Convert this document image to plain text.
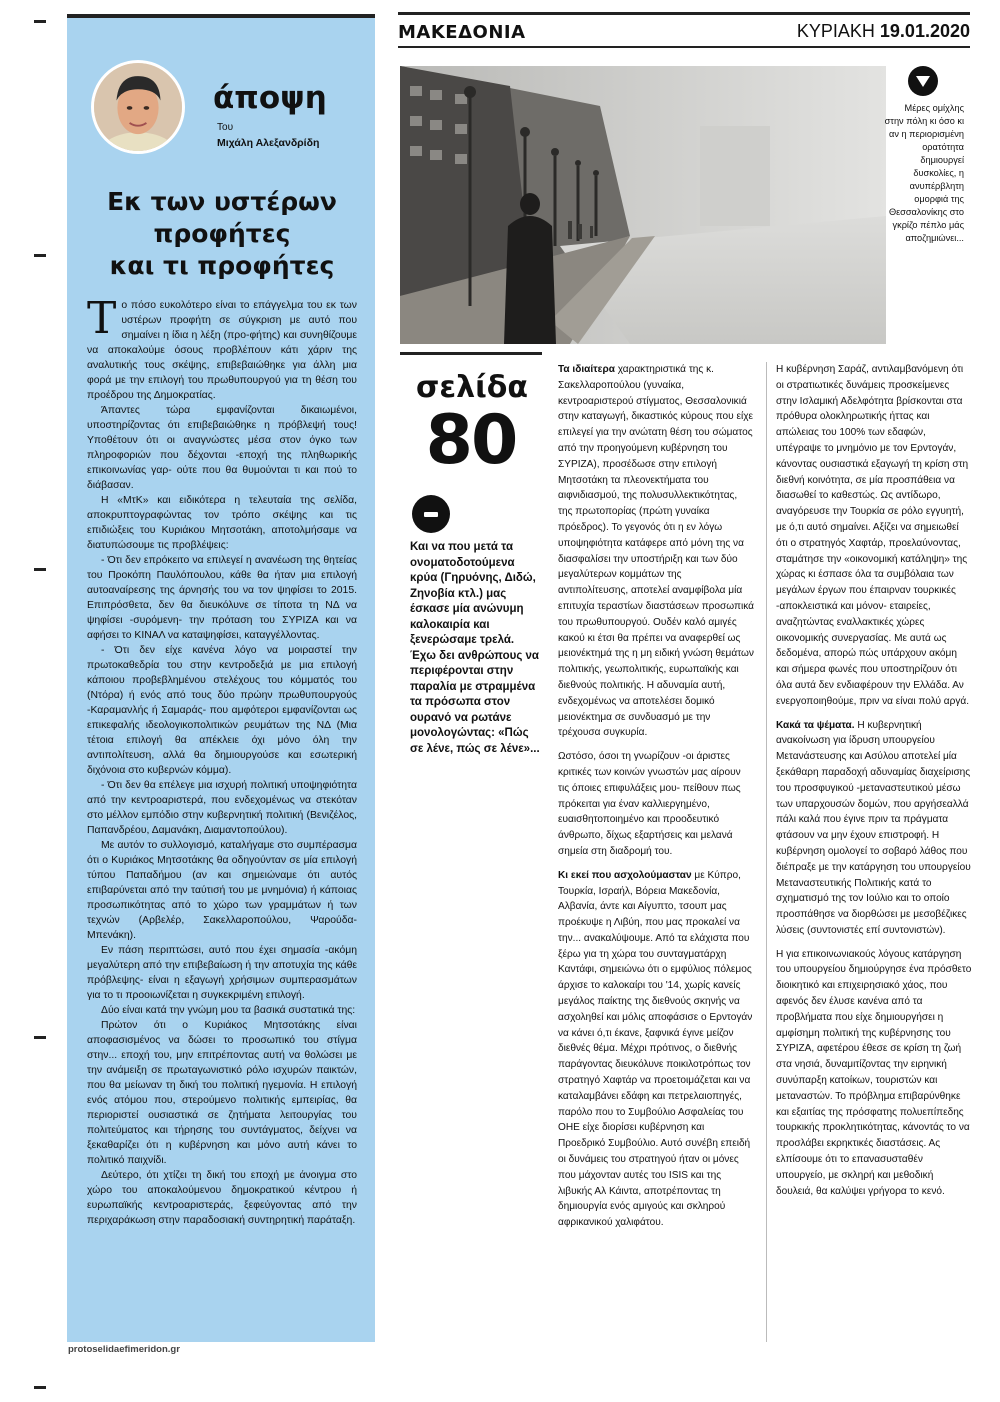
άποψη
Του
Μιχάλη Αλεξανδρίδη
Εκ των υστέρων
προφήτες
και τι προφήτες

Το πόσο ευκολότερο είναι το επάγγελμα του εκ των υστέρων προφήτη σε σύγκριση με αυτό που σημαίνει η ίδια η λέξη (προ-φήτης) και συνηθίζουμε να αποκαλούμε όσους προβλέπουν κάτι χάριν της αναλυτικής τους σκέψης, επιβεβαιώθηκε για άλλη μια φορά με την επιλογή του πρωθυπουργού για τη θέση του προέδρου της Δημοκρατίας.

Άπαντες τώρα εμφανίζονται δικαιωμένοι, υποστηρίζοντας ότι επιβεβαιώθηκε η πρόβλεψή τους! Υποθέτουν ότι οι αναγνώστες μέσα στον όγκο των πληροφοριών που δέχονται -εποχή της πληθωρικής επικοινωνίας γαρ- ούτε που θα θυμούνται τι και πού το διάβασαν.

Η «ΜτΚ» και ειδικότερα η τελευταία της σελίδα, αποκρυπτογραφώντας τον τρόπο σκέψης και τις επιδιώξεις του Κυριάκου Μητσοτάκη, αποτολμήσαμε να διατυπώσουμε τις προβλέψεις:

- Ότι δεν επρόκειτο να επιλεγεί η ανανέωση της θητείας του Προκόπη Παυλόπουλου, κάθε θα ήταν μια επιλογή αυτοαναίρεσης της άρνησής του να τον ψηφίσει το 2015. Επιπρόσθετα, δεν θα διευκόλυνε σε τίποτα τη ΝΔ να ψηφίσει -συρόμενη- την πρόταση του ΣΥΡΙΖΑ και να αφήσει το ΚΙΝΑΛ να καταψηφίσει, καταγγέλλοντας.

- Ότι δεν είχε κανένα λόγο να μοιραστεί την πρωτοκαθεδρία του στην κεντροδεξιά με μια επιλογή κάποιου προβεβλημένου στελέχους του κόμματός του (Ντόρα) ή ενός από τους δύο πρώην πρωθυπουργούς -Καραμανλής ή Σαμαράς- που αμφότεροι εμφανίζονται ως επικεφαλής ιδεολογικοπολιτικών ρευμάτων της ΝΔ (Μια τέτοια επιλογή θα απέκλειε όχι μόνο όλη την αντιπολίτευση, αλλά θα δημιουργούσε και εσωτερική διχόνοια στο κυβερνών κόμμα).

- Ότι δεν θα επέλεγε μια ισχυρή πολιτική υποψηφιότητα από την κεντροαριστερά, που ενδεχομένως να στεκόταν στο μέλλον εμπόδιο στην κυβερνητική πολιτική (Βενιζέλος, Παπανδρέου, Δαμανάκη, Διαμαντοπούλου).

Με αυτόν το συλλογισμό, καταλήγαμε στο συμπέρασμα ότι ο Κυριάκος Μητσοτάκης θα οδηγούνταν σε μία επιλογή τύπου Παπαδήμου (αν και σημειώναμε ότι αυτός επιβαρύνεται από την ταύτισή του με μνημόνια) ή κάποιας προσωπικότητας από το χώρο των γραμμάτων ή των τεχνών (Αρβελέρ, Σακελλαροπούλου, Ψαρούδα- Μπενάκη).

Εν πάση περιπτώσει, αυτό που έχει σημασία -ακόμη μεγαλύτερη από την επιβεβαίωση ή την αποτυχία της κάθε πρόβλεψης- είναι η εξαγωγή χρήσιμων συμπερασμάτων για το τι προοιωνίζεται η συγκεκριμένη επιλογή.

Δύο είναι κατά την γνώμη μου τα βασικά συστατικά της:

Πρώτον ότι ο Κυριάκος Μητσοτάκης είναι αποφασισμένος να δώσει το προσωπικό του στίγμα στην... εποχή του, μην επιτρέποντας αυτή να θολώσει με την ανάμειξη σε πρωταγωνιστικό ρόλο ισχυρών παικτών, που θα μείωναν τη δική του πολιτική ηγεμονία. Η επιλογή ενός ατόμου που, στερούμενο πολιτικής εμπειρίας, θα περιοριστεί ουσιαστικά σε ζητήματα λειτουργίας του πολιτεύματος και τήρησης του συντάγματος, δείχνει να ξεκαθαρίζει ότι η κυβέρνηση και μόνο αυτή κάνει το πολιτικό παιχνίδι.

Δεύτερο, ότι χτίζει τη δική του εποχή με άνοιγμα στο χώρο του αποκαλούμενου δημοκρατικού κέντρου ή ευρωπαϊκής κεντροαριστεράς, ξεφεύγοντας από την περιχαράκωση στην παραδοσιακή συντηρητική παράταξη.

protoselidaefimeridon.gr
ΜΑΚΕΔΟΝΙΑ	ΚΥΡΙΑΚΗ 19.01.2020
Μέρες ομίχλης στην πόλη κι όσο κι αν η περιορισμένη ορατότητα δημιουργεί δυσκολίες, η ανυπέρβλητη ομορφιά της Θεσσαλονίκης στο γκρίζο πέπλο μάς αποζημιώνει...
σελίδα
80
Και να που μετά τα ονοματοδοτούμενα κρύα (Γηρυόνης, Διδώ, Ζηνοβία κτλ.) μας έσκασε μία ανώνυμη καλοκαιρία και ξενερώσαμε τρελά. Έχω δει ανθρώπους να περιφέρονται στην παραλία με στραμμένα τα πρόσωπα στον ουρανό να ρωτάνε μονολογώντας: «Πώς σε λένε, πώς σε λένε»...

Τα ιδιαίτερα χαρακτηριστικά της κ. Σακελλαροπούλου (γυναίκα, κεντροαριστερού στίγματος, Θεσσαλονικιά στην καταγωγή, δικαστικός κύρους που είχε επιλεγεί για την ανώτατη θέση του σώματος από την προηγούμενη κυβέρνηση του ΣΥΡΙΖΑ), προσέδωσε στην επιλογή Μητσοτάκη τα πλεονεκτήματα του αιφνιδιασμού, της πολυσυλλεκτικότητας, της πρωτοπορίας (πρώτη γυναίκα πρόεδρος). Το γεγονός ότι η εν λόγω υποψηφιότητα κατάφερε από μόνη της να διασφαλίσει την υποστήριξη και των δύο μεγαλύτερων κομμάτων της αντιπολίτευσης, αποτελεί αναμφίβολα μία επιτυχία τεραστίων διαστάσεων προσωπικά του πρωθυπουργού. Ουδέν καλό αμιγές κακού κι έτσι θα πρέπει να αναφερθεί ως μειονέκτημά της η μη ειδική γνώση θεμάτων πολιτικής, γεωπολιτικής, ευρωπαϊκής και διεθνούς πολιτικής. Η αδυναμία αυτή, ενδεχομένως να αποτελέσει δομικό μειονέκτημα σε συνδυασμό με την τρέχουσα συγκυρία.

Ωστόσο, όσοι τη γνωρίζουν -οι άριστες κριτικές των κοινών γνωστών μας αίρουν τις όποιες επιφυλάξεις μου- πείθουν πως πρόκειται για έναν καλλιεργημένο, ευαισθητοποιημένο και προοδευτικό άνθρωπο, δίχως εξαρτήσεις και μελανά σημεία στη διαδρομή του.

Κι εκεί που ασχολούμασταν με Κύπρο, Τουρκία, Ισραήλ, Βόρεια Μακεδονία, Αλβανία, άντε και Αίγυπτο, τσουπ μας προέκυψε η Λιβύη, που μας προκαλεί να την... ανακαλύψουμε. Από τα ελάχιστα που ξέρω για τη χώρα του συνταγματάρχη Καντάφι, σημειώνω ότι ο εμφύλιος πόλεμος άρχισε το καλοκαίρι του '14, χωρίς κανείς μεγάλος παίκτης της διεθνούς σκηνής να ασχοληθεί και μόλις αποφάσισε ο Ερντογάν να κάνει ό,τι έκανε, ξαφνικά έγινε μείζον διεθνές θέμα. Μέχρι πρότινος, ο διεθνής παράγοντας διευκόλυνε ποικιλοτρόπως τον στρατηγό Χαφτάρ να προετοιμάζεται και να καταλαμβάνει εδάφη και πετρελαιοπηγές, παρόλο που το Συμβούλιο Ασφαλείας του ΟΗΕ είχε διορίσει κυβέρνηση και Προεδρικό Συμβούλιο. Αυτό συνέβη επειδή οι δυνάμεις του στρατηγού ήταν οι μόνες που μάχονταν αυτές του ISIS και της λιβυκής Αλ Κάιντα, αποτρέποντας τη δημιουργία ενός αμιγούς και σκληρού αφρικανικού χαλιφάτου.

Η κυβέρνηση Σαράζ, αντιλαμβανόμενη ότι οι στρατιωτικές δυνάμεις προσκείμενες στην Ισλαμική Αδελφότητα βρίσκονται στα πρόθυρα ολοκληρωτικής ήττας και απώλειας του 100% των εδαφών, υπέγραψε το μνημόνιο με τον Ερντογάν, κάνοντας ουσιαστικά εξαγωγή τη κρίση στη διεθνή κοινότητα, σε μία προσπάθεια να διασωθεί το καθεστώς. Ως αντίδωρο, αναγόρευσε την Τουρκία σε ρόλο εγγυητή, με ό,τι αυτό σημαίνει. Αξίζει να σημειωθεί ότι ο στρατηγός Χαφτάρ, προελαύνοντας, σταμάτησε την «οικονομική κατάληψη» της χώρας κι έσπασε όλα τα συμβόλαια των μεγάλων έργων που έπαιρναν τουρκικές -αποκλειστικά και μόνον- εταιρείες, αναζητώντας εναλλακτικές χώρες οικονομικής συνεργασίας. Με αυτά ως δεδομένα, απορώ πώς υπάρχουν ακόμη και σήμερα φωνές που υποστηρίζουν ότι όλα αυτά δεν ενδιαφέρουν την Ελλάδα. Αν ενεργοποιηθούμε, πριν να είναι πολύ αργά.

Κακά τα ψέματα. Η κυβερνητική ανακοίνωση για ίδρυση υπουργείου Μετανάστευσης και Ασύλου αποτελεί μία ξεκάθαρη παραδοχή αδυναμίας διαχείρισης του προσφυγικού -μεταναστευτικού μέσω των υπαρχουσών δομών, που αργήσεαλλά πάλι καλά που έγινε πριν τα πράγματα φτάσουν να μην έχουν επιστροφή. Η κυβέρνηση ομολογεί το σοβαρό λάθος που διέπραξε με την κατάργηση του υπουργείου Μεταναστευτικής Πολιτικής κατά το σχηματισμό της τον Ιούλιο και το οποίο προσπάθησε να διορθώσει με μεσοβέζικες λύσεις (συντονιστές επί συντονιστών).

Η για επικοινωνιακούς λόγους κατάργηση του υπουργείου δημιούργησε ένα πρόσθετο διοικητικό και επιχειρησιακό χάος, που αφενός δεν έλυσε κανένα από τα προβλήματα που είχε δημιουργήσει η αμφίσημη πολιτική της κυβέρνησης του ΣΥΡΙΖΑ, αφετέρου έθεσε σε κρίση τη ζωή στα νησιά, δυναμιτίζοντας την ειρηνική συνύπαρξη κατοίκων, τουριστών και μεταναστών. Το πρόβλημα επιβαρύνθηκε και εξαιτίας της πρόσφατης πολυεπίπεδης τουρκικής προκλητικότητας, κάνοντάς το να προσλάβει εκρηκτικές διαστάσεις. Ας ελπίσουμε ότι το επανασυσταθέν υπουργείο, με σκληρή και μεθοδική δουλειά, θα καλύψει γρήγορα το κενό.
